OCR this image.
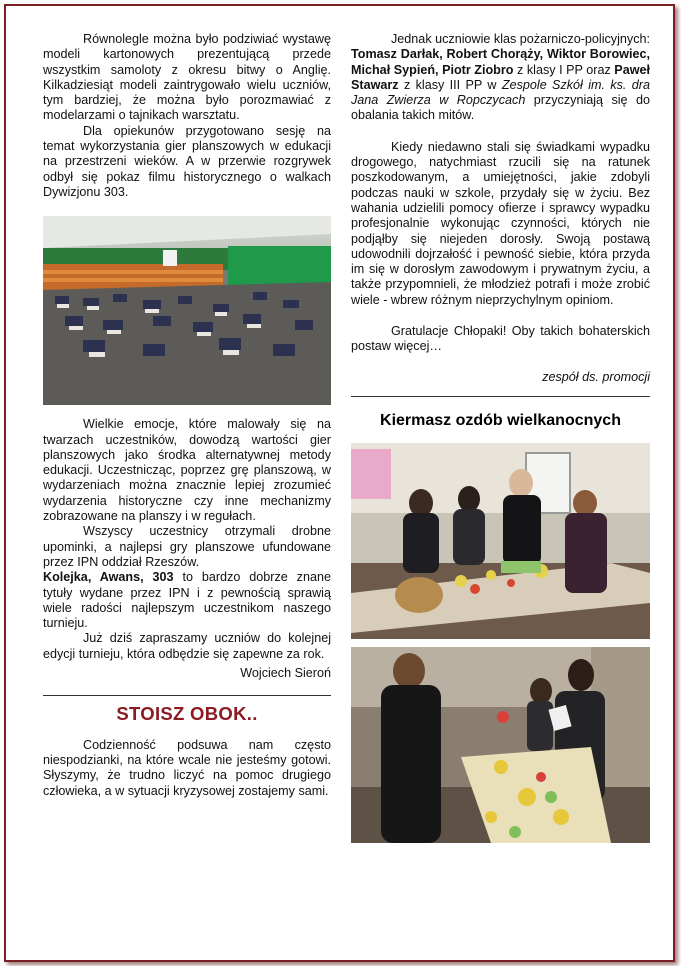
Równolegle można było podziwiać wystawę modeli kartonowych prezentującą przede wszystkim samoloty z okresu bitwy o Anglię. Kilkadziesiąt modeli zaintrygowało wielu uczniów, tym bardziej, że można było porozmawiać z modelarzami o tajnikach warsztatu.

Dla opiekunów przygotowano sesję na temat wykorzystania gier planszowych w edukacji na przestrzeni wieków. A w przerwie rozgrywek odbył się pokaz filmu historycznego o walkach Dywizjonu 303.

Wielkie emocje, które malowały się na twarzach uczestników, dowodzą wartości gier planszowych jako środka alternatywnej metody edukacji. Uczestnicząc, poprzez grę planszową, w wydarzeniach można znacznie lepiej zrozumieć wydarzenia historyczne czy inne mechanizmy zobrazowane na planszy i w regułach.

Wszyscy uczestnicy otrzymali drobne upominki, a najlepsi gry planszowe ufundowane przez IPN oddział Rzeszów.
Kolejka, Awans, 303 to bardzo dobrze znane tytuły wydane przez IPN i z pewnością sprawią wiele radości najlepszym uczestnikom naszego turnieju.

Już dziś zapraszamy uczniów do kolejnej edycji turnieju, która odbędzie się zapewne za rok.

Wojciech Sieroń
STOISZ OBOK..

Codzienność podsuwa nam często niespodzianki, na które wcale nie jesteśmy gotowi. Słyszymy, że trudno liczyć na pomoc drugiego człowieka, a w sytuacji kryzysowej zostajemy sami.

Jednak uczniowie klas pożarniczo-policyjnych: Tomasz Darłak, Robert Chorąży, Wiktor Borowiec, Michał Sypień, Piotr Ziobro z klasy I PP oraz Paweł Stawarz z klasy III PP w Zespole Szkół im. ks. dra Jana Zwierza w Ropczycach przyczyniają się do obalania takich mitów.

Kiedy niedawno stali się świadkami wypadku drogowego, natychmiast rzucili się na ratunek poszkodowanym, a umiejętności, jakie zdobyli podczas nauki w szkole, przydały się w życiu. Bez wahania udzielili pomocy ofierze i sprawcy wypadku profesjonalnie wykonując czynności, których nie podjąłby się niejeden dorosły. Swoją postawą udowodnili dojrzałość i pewność siebie, która przyda im się w dorosłym zawodowym i prywatnym życiu, a także przypomnieli, że młodzież potrafi i może zrobić wiele - wbrew różnym nieprzychylnym opiniom.

Gratulacje Chłopaki! Oby takich bohaterskich postaw więcej…

zespół ds. promocji
Kiermasz ozdób wielkanocnych
